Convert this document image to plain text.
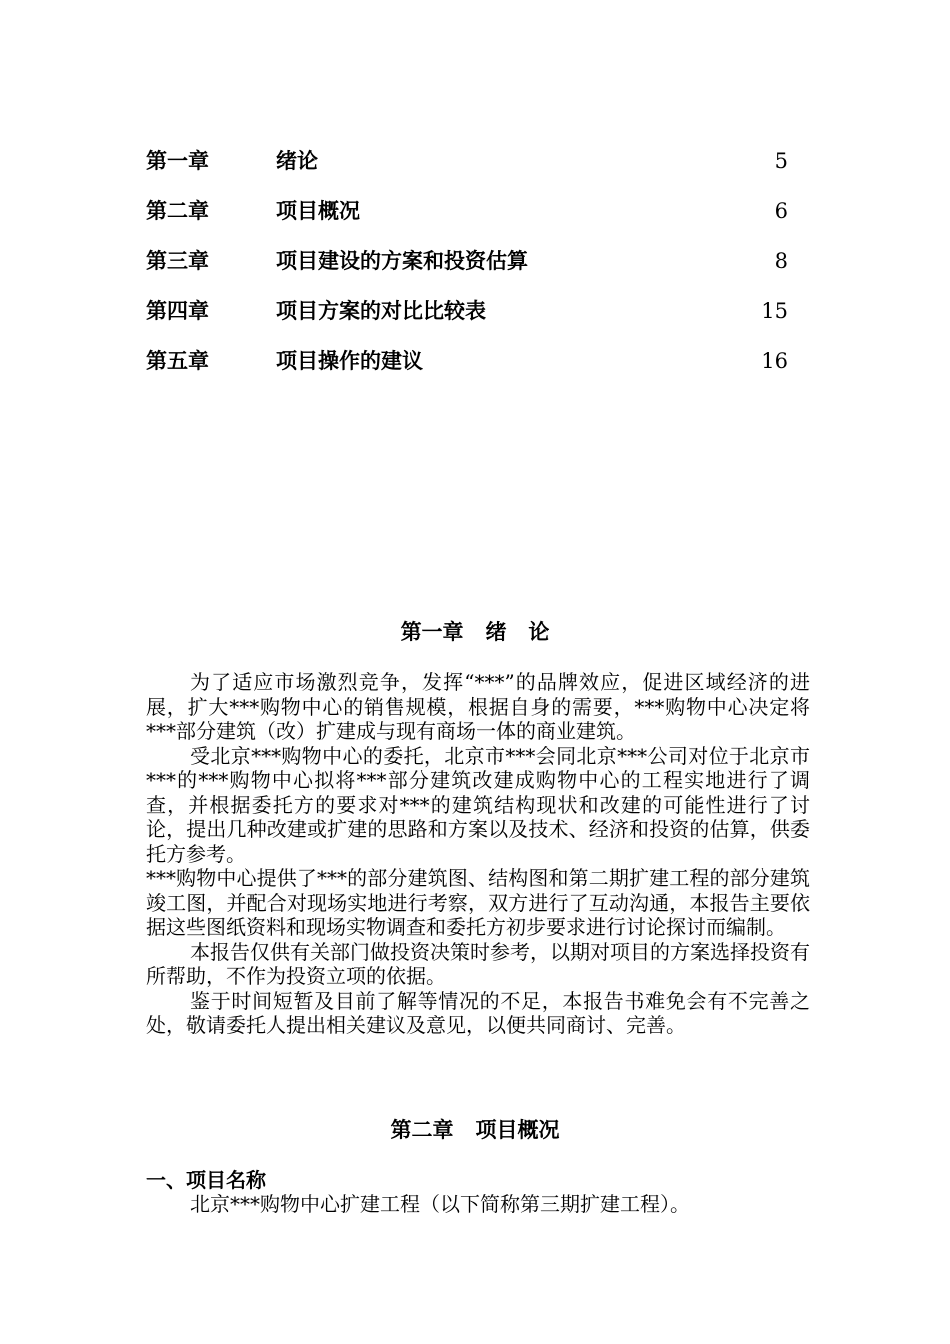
第一章	绪论	5
第二章	项目概况	6
第三章	项目建设的方案和投资估算	8
第四章	项目方案的对比比较表	15
第五章	项目操作的建议	16
第一章   绪   论

为了适应市场激烈竞争，发挥“***”的品牌效应，促进区域经济的进展，扩大***购物中心的销售规模，根据自身的需要，***购物中心决定将***部分建筑（改）扩建成与现有商场一体的商业建筑。

受北京***购物中心的委托，北京市***会同北京***公司对位于北京市***的***购物中心拟将***部分建筑改建成购物中心的工程实地进行了调查，并根据委托方的要求对***的建筑结构现状和改建的可能性进行了讨论，提出几种改建或扩建的思路和方案以及技术、经济和投资的估算，供委托方参考。

***购物中心提供了***的部分建筑图、结构图和第二期扩建工程的部分建筑竣工图，并配合对现场实地进行考察，双方进行了互动沟通，本报告主要依据这些图纸资料和现场实物调查和委托方初步要求进行讨论探讨而编制。

本报告仅供有关部门做投资决策时参考，以期对项目的方案选择投资有所帮助，不作为投资立项的依据。

鉴于时间短暂及目前了解等情况的不足，本报告书难免会有不完善之处，敬请委托人提出相关建议及意见，以便共同商讨、完善。

第二章   项目概况
一、项目名称

北京***购物中心扩建工程（以下简称第三期扩建工程）。
